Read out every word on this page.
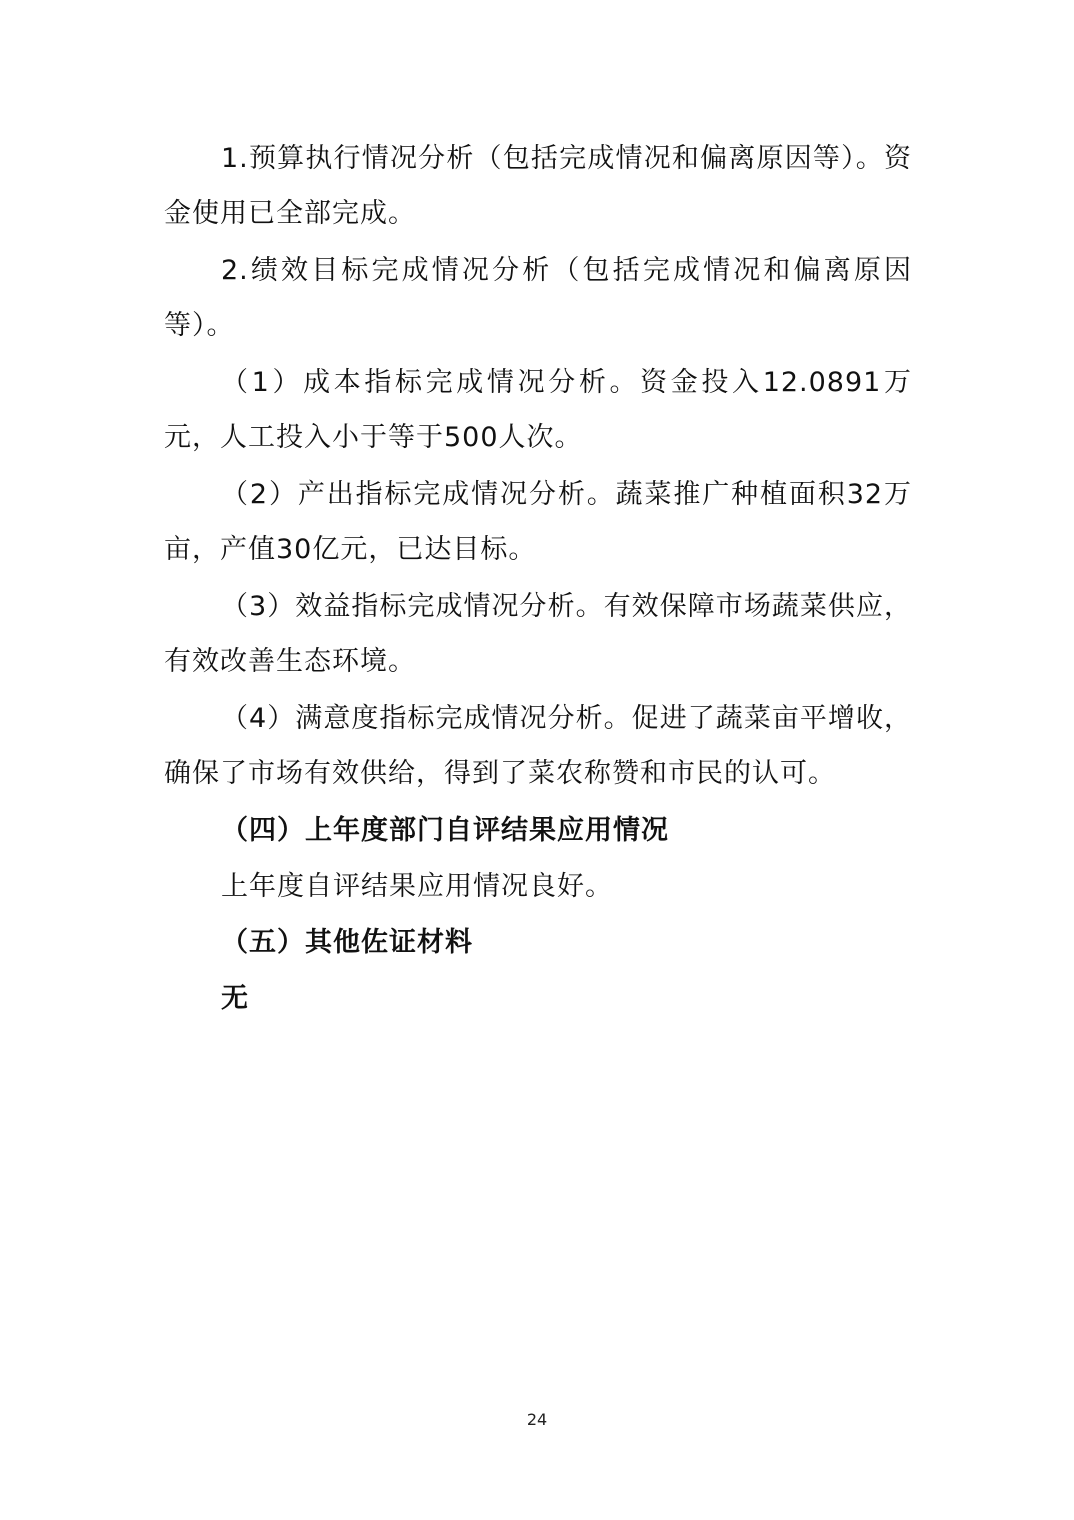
1.预算执行情况分析（包括完成情况和偏离原因等）。资金使用已全部完成。

2.绩效目标完成情况分析（包括完成情况和偏离原因等）。

（1）成本指标完成情况分析。资金投入12.0891万元，人工投入小于等于500人次。

（2）产出指标完成情况分析。蔬菜推广种植面积32万亩，产值30亿元，已达目标。

（3）效益指标完成情况分析。有效保障市场蔬菜供应，有效改善生态环境。

（4）满意度指标完成情况分析。促进了蔬菜亩平增收，确保了市场有效供给，得到了菜农称赞和市民的认可。

（四）上年度部门自评结果应用情况

上年度自评结果应用情况良好。

（五）其他佐证材料

无

24
